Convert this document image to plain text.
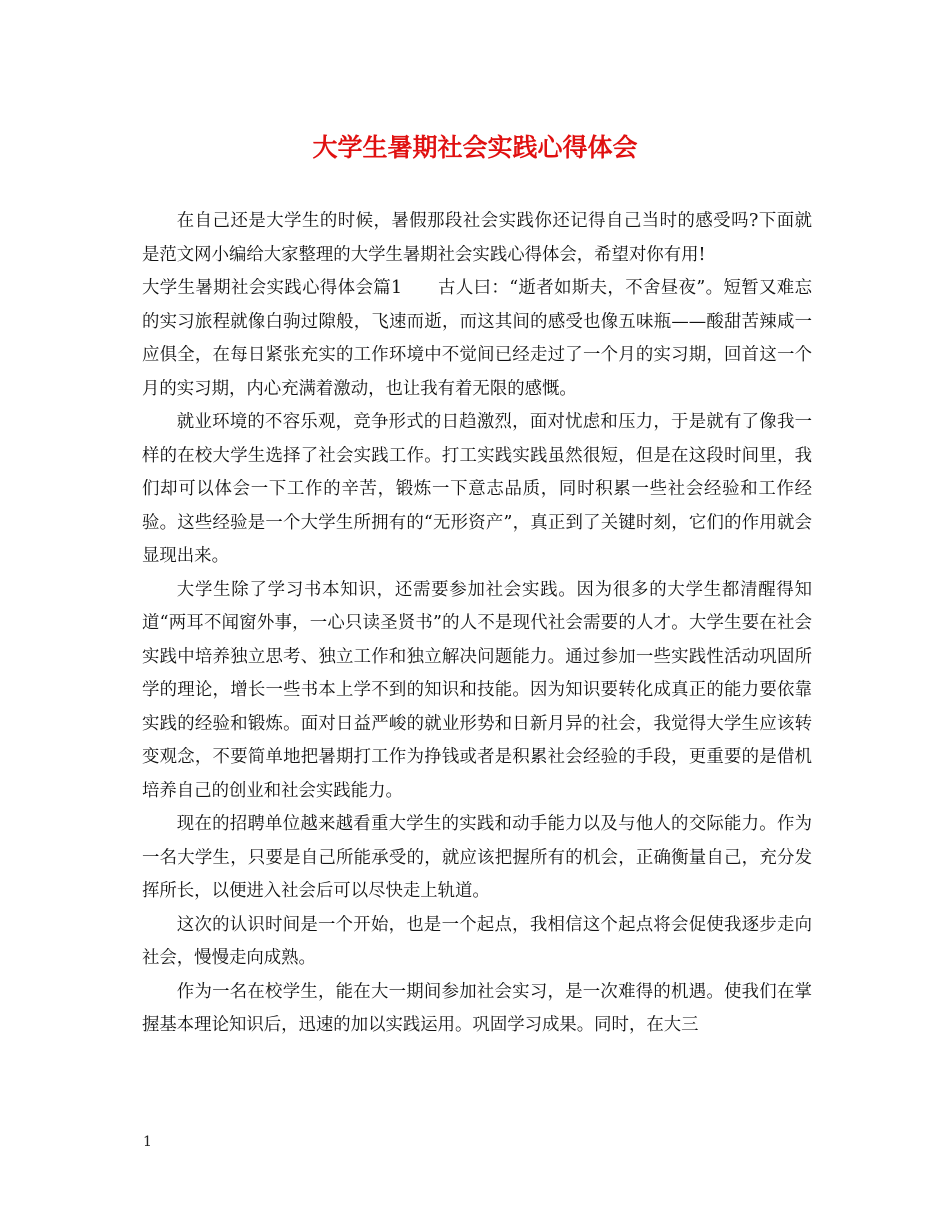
大学生暑期社会实践心得体会

在自己还是大学生的时候，暑假那段社会实践你还记得自己当时的感受吗?下面就是范文网小编给大家整理的大学生暑期社会实践心得体会，希望对你有用!

大学生暑期社会实践心得体会篇1　　古人曰：“逝者如斯夫，不舍昼夜”。短暂又难忘的实习旅程就像白驹过隙般，飞速而逝，而这其间的感受也像五味瓶——酸甜苦辣咸一应俱全，在每日紧张充实的工作环境中不觉间已经走过了一个月的实习期，回首这一个月的实习期，内心充满着激动，也让我有着无限的感慨。

就业环境的不容乐观，竞争形式的日趋激烈，面对忧虑和压力，于是就有了像我一样的在校大学生选择了社会实践工作。打工实践实践虽然很短，但是在这段时间里，我们却可以体会一下工作的辛苦，锻炼一下意志品质，同时积累一些社会经验和工作经验。这些经验是一个大学生所拥有的“无形资产”，真正到了关键时刻，它们的作用就会显现出来。

大学生除了学习书本知识，还需要参加社会实践。因为很多的大学生都清醒得知道“两耳不闻窗外事，一心只读圣贤书”的人不是现代社会需要的人才。大学生要在社会实践中培养独立思考、独立工作和独立解决问题能力。通过参加一些实践性活动巩固所学的理论，增长一些书本上学不到的知识和技能。因为知识要转化成真正的能力要依靠实践的经验和锻炼。面对日益严峻的就业形势和日新月异的社会，我觉得大学生应该转变观念，不要简单地把暑期打工作为挣钱或者是积累社会经验的手段，更重要的是借机培养自己的创业和社会实践能力。

现在的招聘单位越来越看重大学生的实践和动手能力以及与他人的交际能力。作为一名大学生，只要是自己所能承受的，就应该把握所有的机会，正确衡量自己，充分发挥所长，以便进入社会后可以尽快走上轨道。

这次的认识时间是一个开始，也是一个起点，我相信这个起点将会促使我逐步走向社会，慢慢走向成熟。

作为一名在校学生，能在大一期间参加社会实习，是一次难得的机遇。使我们在掌握基本理论知识后，迅速的加以实践运用。巩固学习成果。同时，在大三

1
